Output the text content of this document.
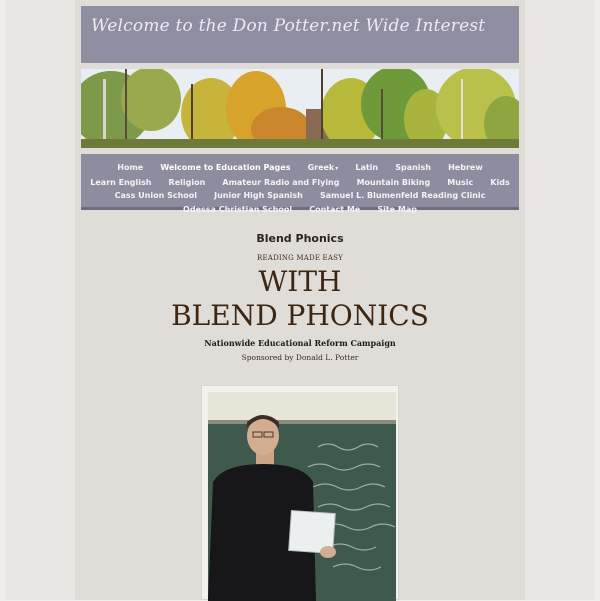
Welcome to the Don Potter.net Wide Interest
Home Welcome to Education Pages Greek▾ Latin Spanish Hebrew Learn English Religion Amateur Radio and Flying Mountain Biking Music Kids Cass Union School Junior High Spanish Samuel L. Blumenfeld Reading Clinic Odessa Christian School Contact Me Site Map
Blend Phonics
READING MADE EASY
WITH
BLEND PHONICS
Nationwide Educational Reform Campaign
Sponsored by Donald L. Potter
